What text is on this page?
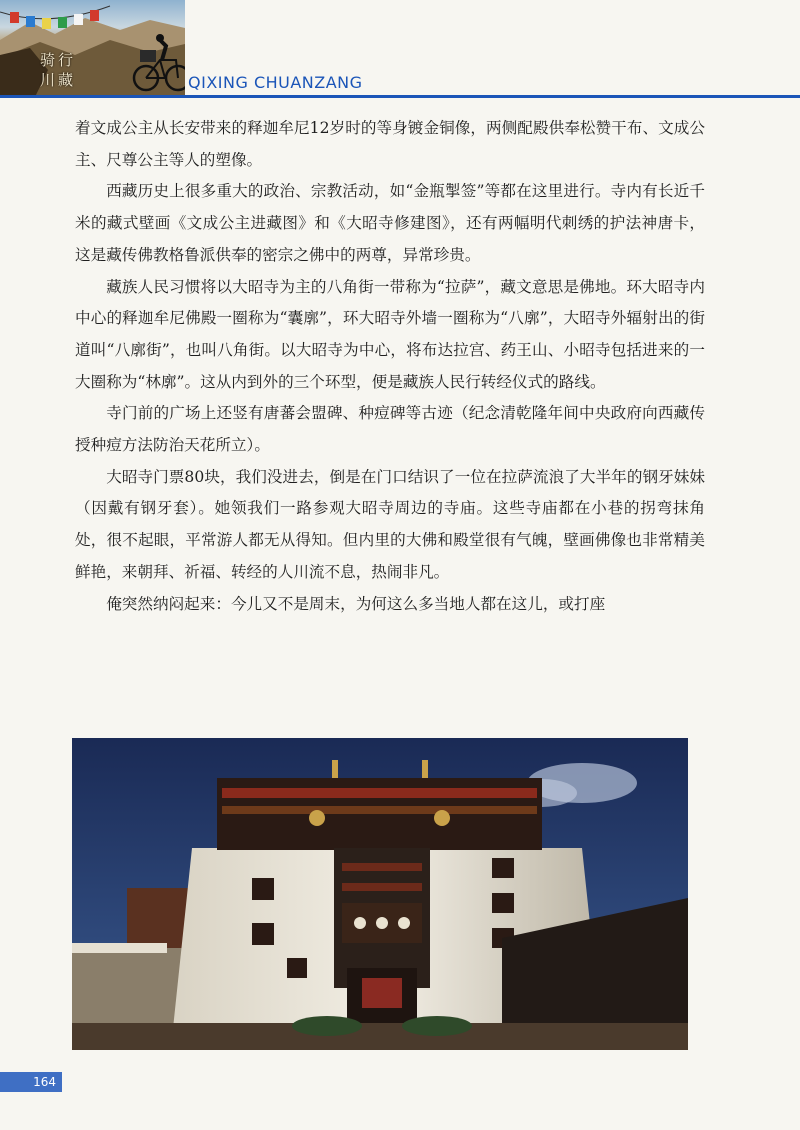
骑行
川藏	QIXING CHUANZANG

着文成公主从长安带来的释迦牟尼12岁时的等身镀金铜像，两侧配殿供奉松赞干布、文成公主、尺尊公主等人的塑像。

西藏历史上很多重大的政治、宗教活动，如“金瓶掣签”等都在这里进行。寺内有长近千米的藏式壁画《文成公主进藏图》和《大昭寺修建图》，还有两幅明代刺绣的护法神唐卡，这是藏传佛教格鲁派供奉的密宗之佛中的两尊，异常珍贵。

藏族人民习惯将以大昭寺为主的八角街一带称为“拉萨”，藏文意思是佛地。环大昭寺内中心的释迦牟尼佛殿一圈称为“囊廓”，环大昭寺外墙一圈称为“八廓”，大昭寺外辐射出的街道叫“八廓街”，也叫八角街。以大昭寺为中心，将布达拉宫、药王山、小昭寺包括进来的一大圈称为“林廓”。这从内到外的三个环型，便是藏族人民行转经仪式的路线。

寺门前的广场上还竖有唐蕃会盟碑、种痘碑等古迹（纪念清乾隆年间中央政府向西藏传授种痘方法防治天花所立）。

大昭寺门票80块，我们没进去，倒是在门口结识了一位在拉萨流浪了大半年的钢牙妹妹（因戴有钢牙套）。她领我们一路参观大昭寺周边的寺庙。这些寺庙都在小巷的拐弯抹角处，很不起眼，平常游人都无从得知。但内里的大佛和殿堂很有气魄，壁画佛像也非常精美鲜艳，来朝拜、祈福、转经的人川流不息，热闹非凡。

俺突然纳闷起来：今儿又不是周末，为何这么多当地人都在这儿，或打座

164
